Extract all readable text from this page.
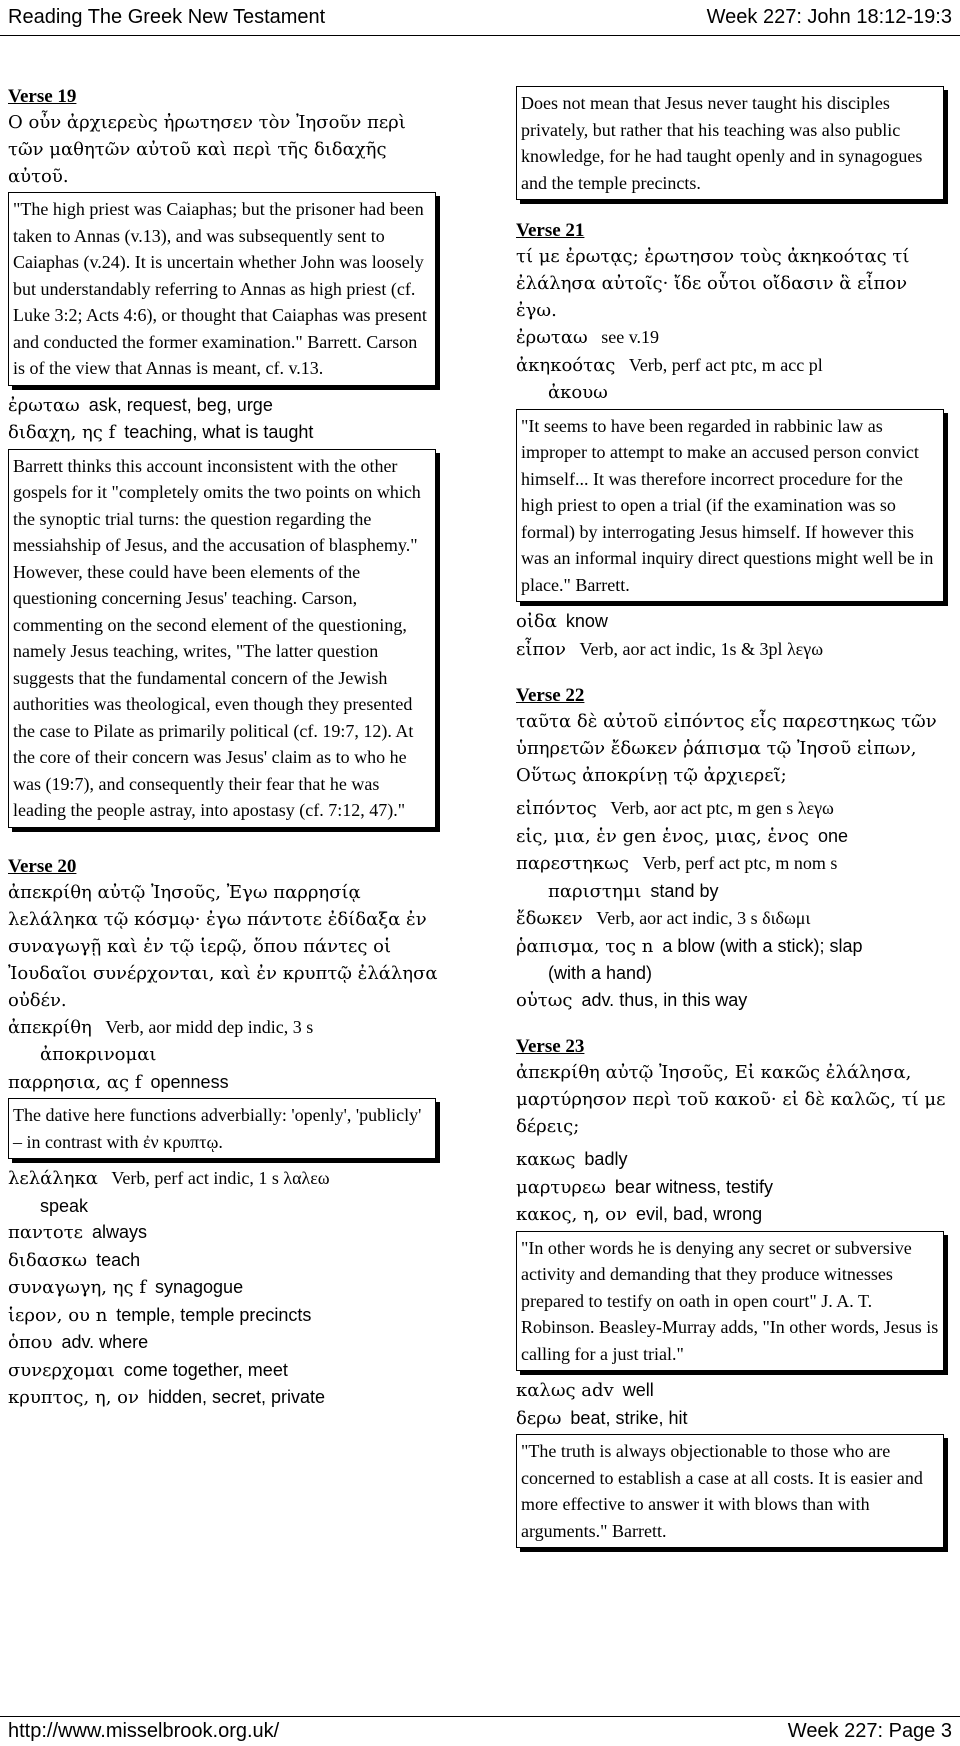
Reading The Greek New Testament	Week 227: John 18:12-19:3
Verse 19
Ο οὖν ἀρχιερεὺς ἠρωτησεν τὸν Ἰησοῦν περὶ τῶν μαθητῶν αὐτοῦ καὶ περὶ τῆς διδαχῆς αὐτοῦ.
"The high priest was Caiaphas; but the prisoner had been taken to Annas (v.13), and was subsequently sent to Caiaphas (v.24). It is uncertain whether John was loosely but understandably referring to Annas as high priest (cf. Luke 3:2; Acts 4:6), or thought that Caiaphas was present and conducted the former examination." Barrett. Carson is of the view that Annas is meant, cf. v.13.
ἐρωταω ask, request, beg, urge
διδαχη, ης f teaching, what is taught
Barrett thinks this account inconsistent with the other gospels for it "completely omits the two points on which the synoptic trial turns: the question regarding the messiahship of Jesus, and the accusation of blasphemy." However, these could have been elements of the questioning concerning Jesus' teaching. Carson, commenting on the second element of the questioning, namely Jesus teaching, writes, "The latter question suggests that the fundamental concern of the Jewish authorities was theological, even though they presented the case to Pilate as primarily political (cf. 19:7, 12). At the core of their concern was Jesus' claim as to who he was (19:7), and consequently their fear that he was leading the people astray, into apostasy (cf. 7:12, 47)."
Verse 20
ἀπεκρίθη αὐτῷ Ἰησοῦς, Ἐγω παρρησίᾳ λελάληκα τῷ κόσμῳ· ἐγω πάντοτε ἐδίδαξα ἐν συναγωγῇ καὶ ἐν τῷ ἱερῷ, ὅπου πάντες οἱ Ἰουδαῖοι συνέρχονται, καὶ ἐν κρυπτῷ ἐλάλησα οὐδέν.
ἀπεκρίθη Verb, aor midd dep indic, 3 s
ἀποκρινομαι
παρρησια, ας f openness
The dative here functions adverbially: 'openly', 'publicly' – in contrast with ἐν κρυπτῳ.
λελάληκα Verb, perf act indic, 1 s λαλεω
speak
παντοτε always
διδασκω teach
συναγωγη, ης f synagogue
ἱερον, ου n temple, temple precincts
ὁπου adv. where
συνερχομαι come together, meet
κρυπτος, η, ον hidden, secret, private
Does not mean that Jesus never taught his disciples privately, but rather that his teaching was also public knowledge, for he had taught openly and in synagogues and the temple precincts.
Verse 21
τί με ἐρωτᾳς; ἐρωτησον τοὺς ἀκηκοότας τί ἐλάλησα αὐτοῖς· ἴδε οὗτοι οἴδασιν ἃ εἶπον ἐγω.
ἐρωταω see v.19
ἀκηκοότας Verb, perf act ptc, m acc pl
ἀκουω
"It seems to have been regarded in rabbinic law as improper to attempt to make an accused person convict himself... It was therefore incorrect procedure for the high priest to open a trial (if the examination was so formal) by interrogating Jesus himself. If however this was an informal inquiry direct questions might well be in place." Barrett.
οἰδα know
εἶπον Verb, aor act indic, 1s & 3pl λεγω
Verse 22
ταῦτα δὲ αὐτοῦ εἰπόντος εἷς παρεστηκως τῶν ὑπηρετῶν ἔδωκεν ῥάπισμα τῷ Ἰησοῦ εἰπων, Οὕτως ἀποκρίνῃ τῷ ἀρχιερεῖ;
εἰπόντος Verb, aor act ptc, m gen s λεγω
εἱς, μια, ἑν gen ἑνος, μιας, ἑνος one
παρεστηκως Verb, perf act ptc, m nom s
παριστημι stand by
ἔδωκεν Verb, aor act indic, 3 s διδωμι
ῥαπισμα, τος n a blow (with a stick); slap
(with a hand)
οὑτως adv. thus, in this way
Verse 23
ἀπεκρίθη αὐτῷ Ἰησοῦς, Εἰ κακῶς ἐλάλησα, μαρτύρησον περὶ τοῦ κακοῦ· εἰ δὲ καλῶς, τί με δέρεις;
κακως badly
μαρτυρεω bear witness, testify
κακος, η, ον evil, bad, wrong
"In other words he is denying any secret or subversive activity and demanding that they produce witnesses prepared to testify on oath in open court" J. A. T. Robinson. Beasley-Murray adds, "In other words, Jesus is calling for a just trial."
καλως adv well
δερω beat, strike, hit
"The truth is always objectionable to those who are concerned to establish a case at all costs. It is easier and more effective to answer it with blows than with arguments." Barrett.
http://www.misselbrook.org.uk/	Week 227: Page 3
